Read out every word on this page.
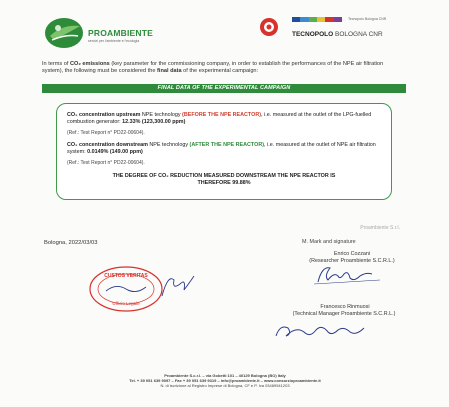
PROAMBIENTE
servizi per l'ambiente e l'ecologia
Tecnopolo Bologna CNR
TECNOPOLO BOLOGNA CNR

In terms of CO₂ emissions (key parameter for the commissioning company, in order to establish the performances of the NPE air filtration system), the following must be considered the final data of the experimental campaign:

FINAL DATA OF THE EXPERIMENTAL CAMPAIGN

CO₂ concentration upstream NPE technology (BEFORE THE NPE REACTOR), i.e. measured at the outlet of the LPG-fuelled combustion generator: 12.33% (123,300.00 ppm)

(Ref.: Test Report n° PD22-00604).

CO₂ concentration downstream NPE technology (AFTER THE NPE REACTOR), i.e. measured at the outlet of NPE air filtration system: 0.0149% (149.00 ppm)

(Ref.: Test Report n° PD22-00604).

THE DEGREE OF CO₂ REDUCTION MEASURED DOWNSTREAM THE NPE REACTOR IS
THEREFORE 99.88%

Bologna, 2022/03/03
Proambiente S.r.l.
M. Mark and signature
Enrico Cozzani
(Researcher Proambiente S.C.R.L.)
Francesco Rinmuosi
(Technical Manager Proambiente S.C.R.L.)
CUSTOS VERITAS
Ufficio Legale
Proambiente S.c.r.l. – via Gobetti 101 – 40129 Bologna (BO) Italy
Tel. + 39 051 639 9097 – Fax + 39 051 639 9319 – info@proambiente.it – www.consorzioproambiente.it
N. di iscrizione al Registro Imprese di Bologna, CF e P. Iva 03489541203
